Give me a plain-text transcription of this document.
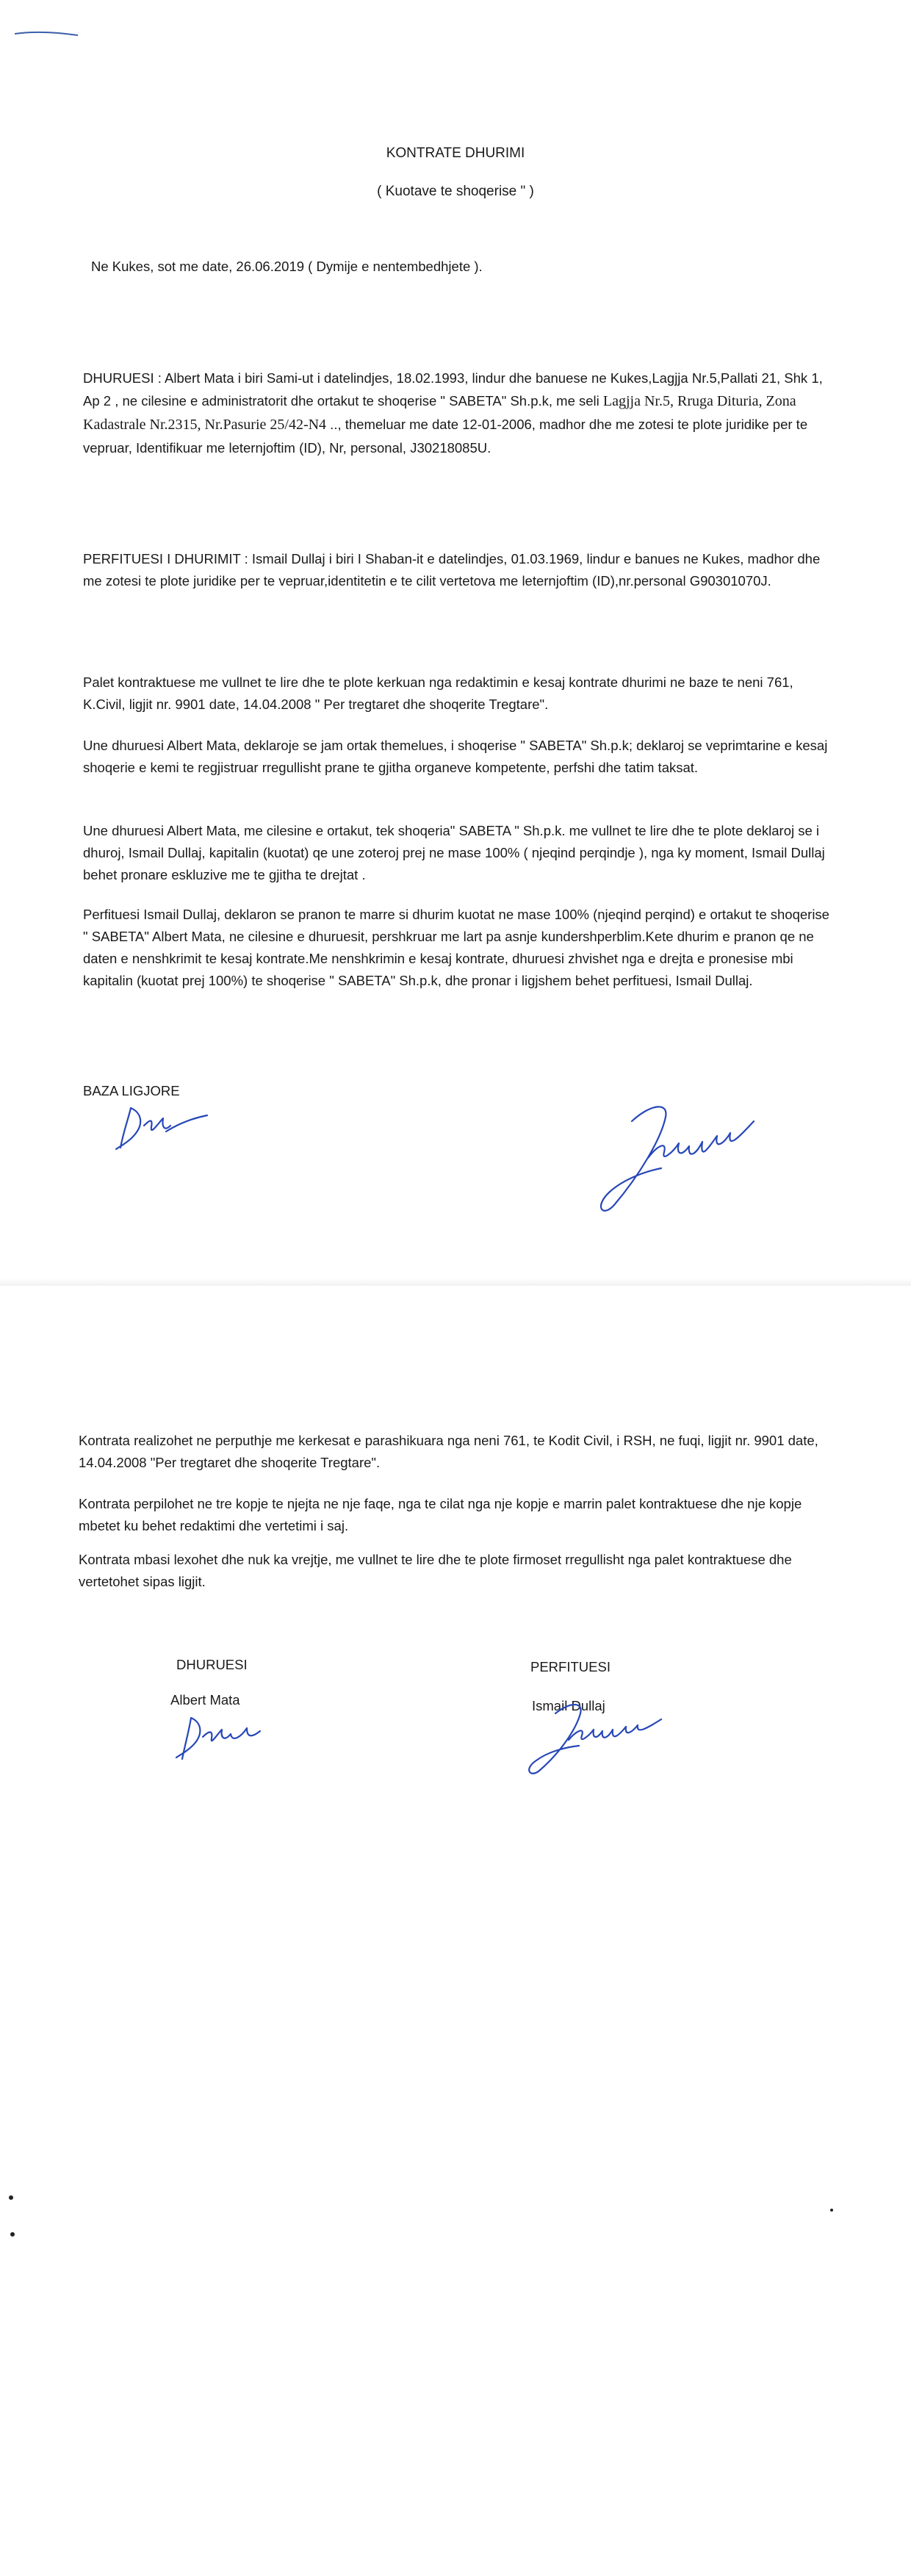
KONTRATE DHURIMI
( Kuotave te shoqerise " )
Ne Kukes, sot me date, 26.06.2019 ( Dymije e nentembedhjete ).
DHURUESI : Albert Mata i biri Sami-ut i datelindjes, 18.02.1993, lindur dhe banuese ne Kukes,Lagjja Nr.5,Pallati 21, Shk 1, Ap 2 , ne cilesine e administratorit dhe ortakut te shoqerise " SABETA" Sh.p.k, me seli Lagjja Nr.5, Rruga Dituria, Zona Kadastrale Nr.2315, Nr.Pasurie 25/42-N4 .., themeluar me date 12-01-2006, madhor dhe me zotesi te plote juridike per te vepruar, Identifikuar me leternjoftim (ID), Nr, personal, J30218085U.
PERFITUESI I DHURIMIT : Ismail Dullaj i biri I Shaban-it e datelindjes, 01.03.1969, lindur e banues ne Kukes, madhor dhe me zotesi te plote juridike per te vepruar,identitetin e te cilit vertetova me leternjoftim (ID),nr.personal G90301070J.
Palet kontraktuese me vullnet te lire dhe te plote kerkuan nga redaktimin e kesaj kontrate dhurimi ne baze te neni 761, K.Civil, ligjit nr. 9901 date, 14.04.2008 " Per tregtaret dhe shoqerite Tregtare".
Une dhuruesi Albert Mata, deklaroje se jam ortak themelues, i shoqerise " SABETA" Sh.p.k; deklaroj se veprimtarine e kesaj shoqerie e kemi te regjistruar rregullisht prane te gjitha organeve kompetente, perfshi dhe tatim taksat.
Une dhuruesi Albert Mata, me cilesine e ortakut, tek shoqeria" SABETA " Sh.p.k. me vullnet te lire dhe te plote deklaroj se i dhuroj, Ismail Dullaj, kapitalin (kuotat) qe une zoteroj prej ne mase 100% ( njeqind perqindje ), nga ky moment, Ismail Dullaj behet pronare eskluzive me te gjitha te drejtat .
Perfituesi Ismail Dullaj, deklaron se pranon te marre si dhurim kuotat ne mase 100% (njeqind perqind) e ortakut te shoqerise " SABETA" Albert Mata, ne cilesine e dhuruesit, pershkruar me lart pa asnje kundershperblim.Kete dhurim e pranon qe ne daten e nenshkrimit te kesaj kontrate.Me nenshkrimin e kesaj kontrate, dhuruesi zhvishet nga e drejta e pronesise mbi kapitalin (kuotat prej 100%) te shoqerise " SABETA" Sh.p.k, dhe pronar i ligjshem behet perfituesi, Ismail Dullaj.
BAZA LIGJORE
Kontrata realizohet ne perputhje me kerkesat e parashikuara nga neni 761, te Kodit Civil, i RSH, ne fuqi, ligjit nr. 9901 date, 14.04.2008 "Per tregtaret dhe shoqerite Tregtare".
Kontrata perpilohet ne tre kopje te njejta ne nje faqe, nga te cilat nga nje kopje e marrin palet kontraktuese dhe nje kopje mbetet ku behet redaktimi dhe vertetimi i saj.
Kontrata mbasi lexohet dhe nuk ka vrejtje, me vullnet te lire dhe te plote firmoset rregullisht nga palet kontraktuese dhe vertetohet sipas ligjit.
DHURUESI
Albert Mata
PERFITUESI
Ismail Dullaj
